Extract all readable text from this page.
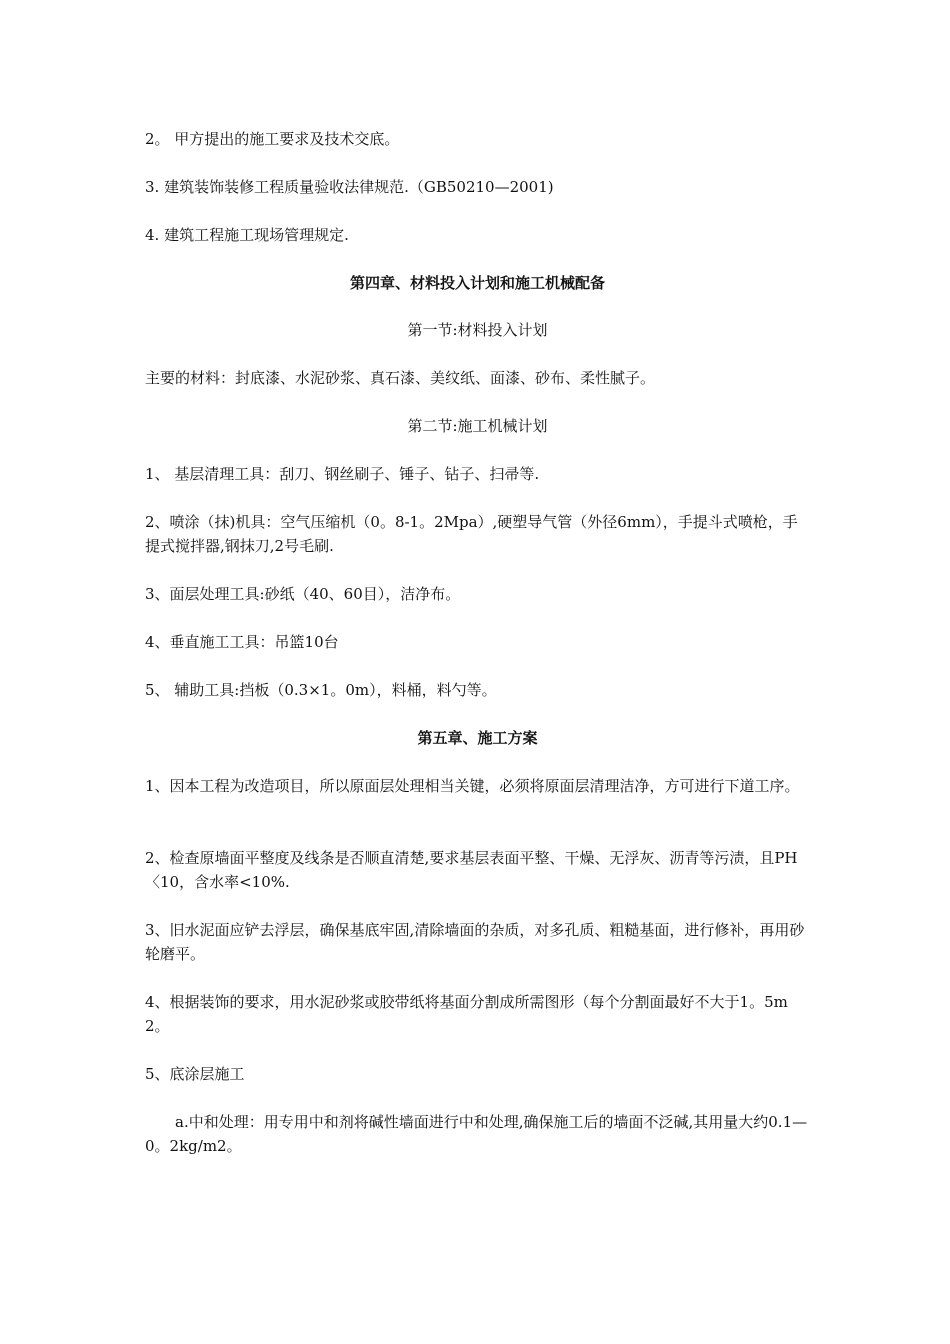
2。 甲方提出的施工要求及技术交底。

3. 建筑装饰装修工程质量验收法律规范.（GB50210—2001)

4. 建筑工程施工现场管理规定.

第四章、材料投入计划和施工机械配备

第一节:材料投入计划

主要的材料：封底漆、水泥砂浆、真石漆、美纹纸、面漆、砂布、柔性腻子。

第二节:施工机械计划

1、 基层清理工具：刮刀、钢丝刷子、锤子、钻子、扫帚等.

2、喷涂（抹)机具：空气压缩机（0。8-1。2Mpa）,硬塑导气管（外径6mm），手提斗式喷枪，手提式搅拌器,钢抹刀,2号毛刷.

3、面层处理工具:砂纸（40、60目），洁净布。

4、垂直施工工具：吊篮10台

5、 辅助工具:挡板（0.3×1。0m），料桶，料勺等。

第五章、施工方案

1、因本工程为改造项目，所以原面层处理相当关键，必须将原面层清理洁净，方可进行下道工序。

2、检查原墙面平整度及线条是否顺直清楚,要求基层表面平整、干燥、无浮灰、沥青等污渍，且PH〈10，含水率<10%.

3、旧水泥面应铲去浮层，确保基底牢固,清除墙面的杂质，对多孔质、粗糙基面，进行修补，再用砂轮磨平。

4、根据装饰的要求，用水泥砂浆或胶带纸将基面分割成所需图形（每个分割面最好不大于1。5m2。

5、底涂层施工

a.中和处理：用专用中和剂将碱性墙面进行中和处理,确保施工后的墙面不泛碱,其用量大约0.1—0。2kg/m2。
